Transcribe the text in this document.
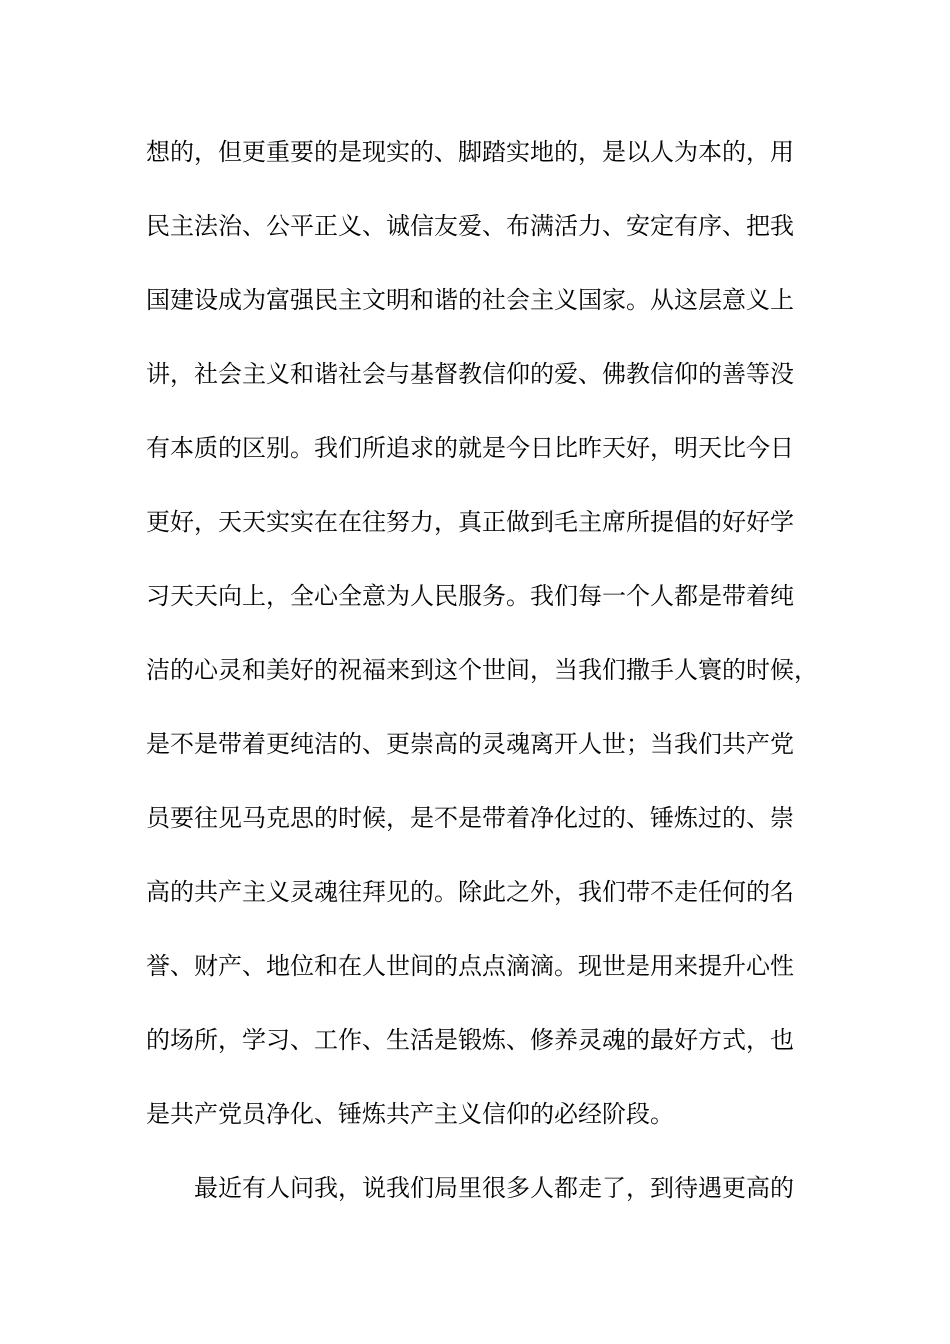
想的，但更重要的是现实的、脚踏实地的，是以人为本的，用
民主法治、公平正义、诚信友爱、布满活力、安定有序、把我
国建设成为富强民主文明和谐的社会主义国家。从这层意义上
讲，社会主义和谐社会与基督教信仰的爱、佛教信仰的善等没
有本质的区别。我们所追求的就是今日比昨天好，明天比今日
更好，天天实实在在往努力，真正做到毛主席所提倡的好好学
习天天向上，全心全意为人民服务。我们每一个人都是带着纯
洁的心灵和美好的祝福来到这个世间，当我们撒手人寰的时候，
是不是带着更纯洁的、更崇高的灵魂离开人世；当我们共产党
员要往见马克思的时候，是不是带着净化过的、锤炼过的、崇
高的共产主义灵魂往拜见的。除此之外，我们带不走任何的名
誉、财产、地位和在人世间的点点滴滴。现世是用来提升心性
的场所，学习、工作、生活是锻炼、修养灵魂的最好方式，也
是共产党员净化、锤炼共产主义信仰的必经阶段。
最近有人问我，说我们局里很多人都走了，到待遇更高的
